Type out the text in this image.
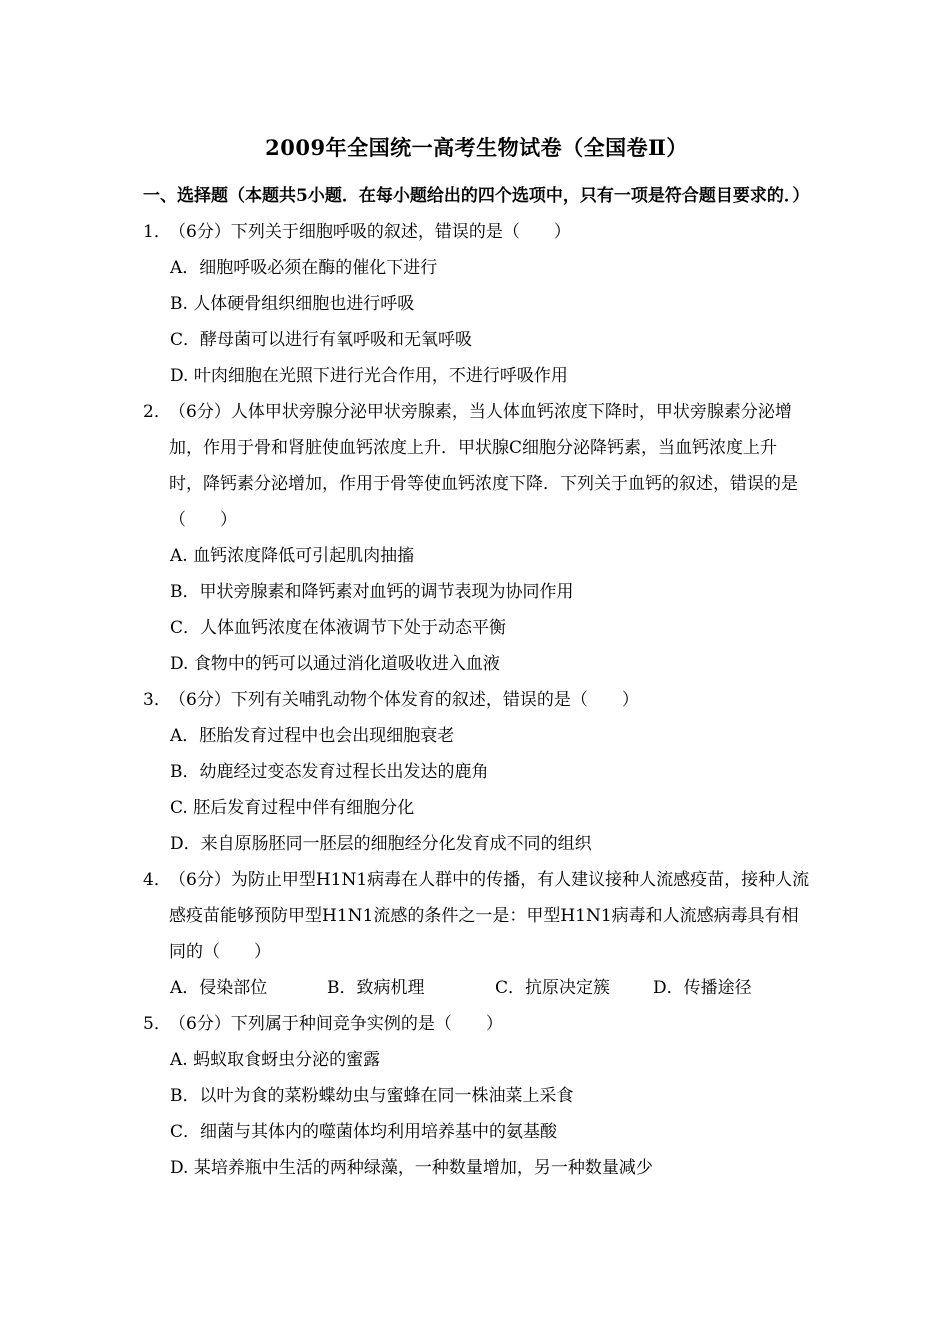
2009年全国统一高考生物试卷（全国卷Ⅱ）

一、选择题（本题共5小题．在每小题给出的四个选项中，只有一项是符合题目要求的．）

1．
（6分）下列关于细胞呼吸的叙述，错误的是（　　）

A．细胞呼吸必须在酶的催化下进行

B. 人体硬骨组织细胞也进行呼吸

C．酵母菌可以进行有氧呼吸和无氧呼吸

D. 叶肉细胞在光照下进行光合作用，不进行呼吸作用

2．
（6分）人体甲状旁腺分泌甲状旁腺素，当人体血钙浓度下降时，甲状旁腺素分泌增加，作用于骨和肾脏使血钙浓度上升．甲状腺C细胞分泌降钙素，当血钙浓度上升时，降钙素分泌增加，作用于骨等使血钙浓度下降．下列关于血钙的叙述，错误的是（　　）

A. 血钙浓度降低可引起肌肉抽搐

B．甲状旁腺素和降钙素对血钙的调节表现为协同作用

C．人体血钙浓度在体液调节下处于动态平衡

D. 食物中的钙可以通过消化道吸收进入血液

3．
（6分）下列有关哺乳动物个体发育的叙述，错误的是（　　）

A．胚胎发育过程中也会出现细胞衰老

B．幼鹿经过变态发育过程长出发达的鹿角

C. 胚后发育过程中伴有细胞分化

D．来自原肠胚同一胚层的细胞经分化发育成不同的组织

4．
（6分）为防止甲型H1N1病毒在人群中的传播，有人建议接种人流感疫苗，接种人流感疫苗能够预防甲型H1N1流感的条件之一是：甲型H1N1病毒和人流感病毒具有相同的（　　）

A．侵染部位	B．致病机理	C．抗原决定簇	D．传播途径

5．
（6分）下列属于种间竞争实例的是（　　）

A. 蚂蚁取食蚜虫分泌的蜜露

B．以叶为食的菜粉蝶幼虫与蜜蜂在同一株油菜上采食

C．细菌与其体内的噬菌体均利用培养基中的氨基酸

D. 某培养瓶中生活的两种绿藻，一种数量增加，另一种数量减少
